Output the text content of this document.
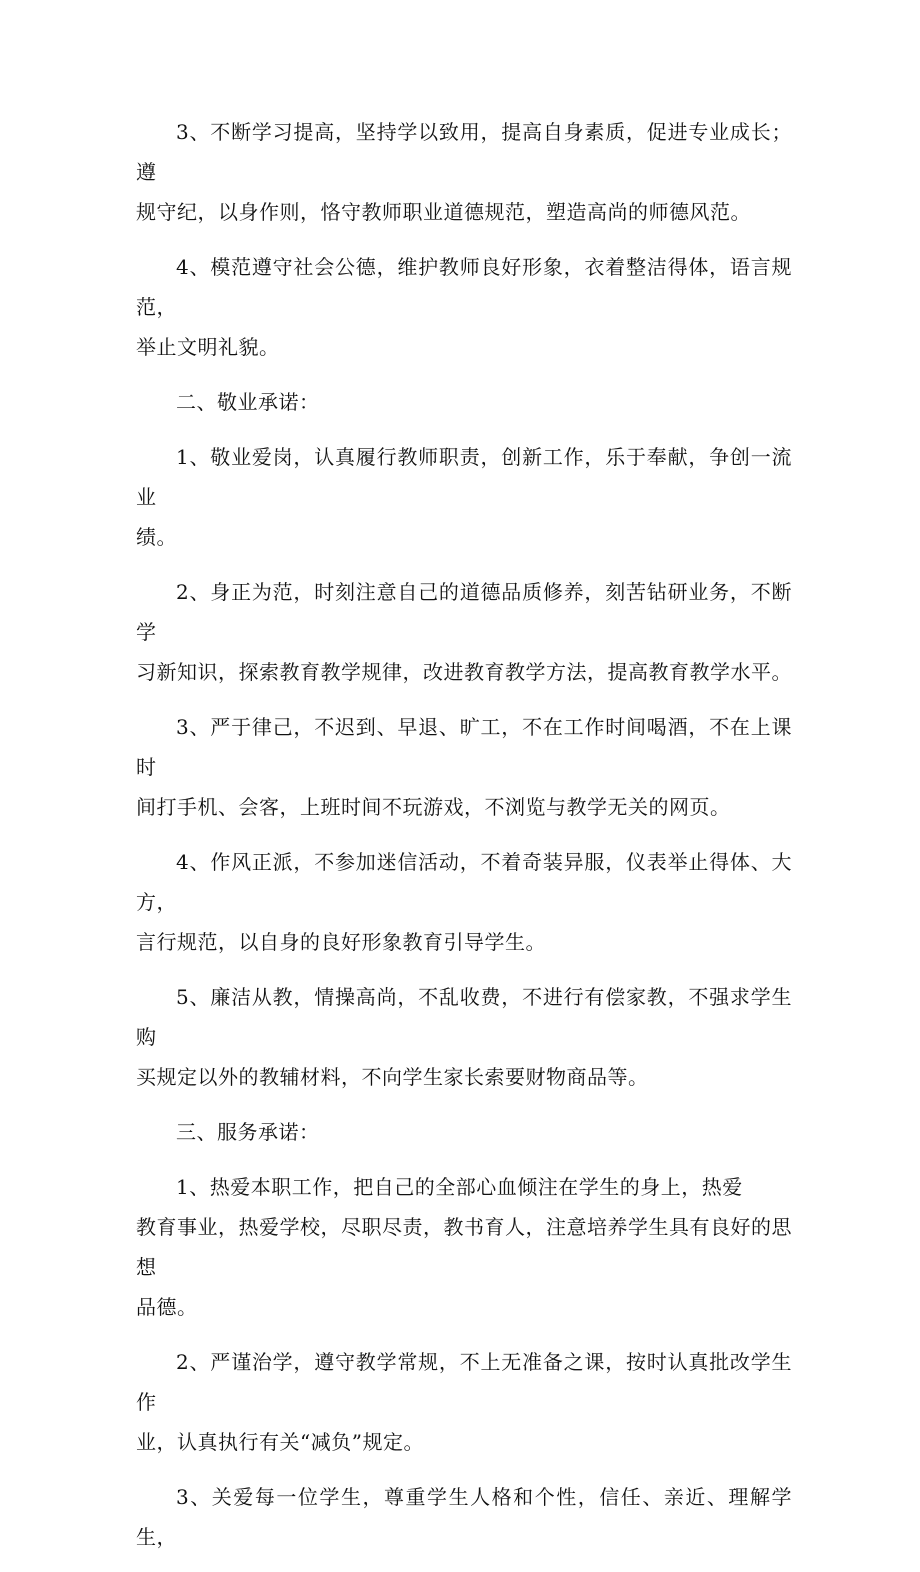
3、不断学习提高，坚持学以致用，提高自身素质，促进专业成长；遵
规守纪，以身作则，恪守教师职业道德规范，塑造高尚的师德风范。

4、模范遵守社会公德，维护教师良好形象，衣着整洁得体，语言规范，
举止文明礼貌。

二、敬业承诺：

1、敬业爱岗，认真履行教师职责，创新工作，乐于奉献，争创一流业
绩。

2、身正为范，时刻注意自己的道德品质修养，刻苦钻研业务，不断学
习新知识，探索教育教学规律，改进教育教学方法，提高教育教学水平。

3、严于律己，不迟到、早退、旷工，不在工作时间喝酒，不在上课时
间打手机、会客，上班时间不玩游戏，不浏览与教学无关的网页。

4、作风正派，不参加迷信活动，不着奇装异服，仪表举止得体、大方，
言行规范，以自身的良好形象教育引导学生。

5、廉洁从教，情操高尚，不乱收费，不进行有偿家教，不强求学生购
买规定以外的教辅材料，不向学生家长索要财物商品等。

三、服务承诺：

1、热爱本职工作，把自己的全部心血倾注在学生的身上，热爱
教育事业，热爱学校，尽职尽责，教书育人，注意培养学生具有良好的思想
品德。

2、严谨治学，遵守教学常规，不上无准备之课，按时认真批改学生作
业，认真执行有关“减负”规定。

3、关爱每一位学生，尊重学生人格和个性，信任、亲近、理解学生，
